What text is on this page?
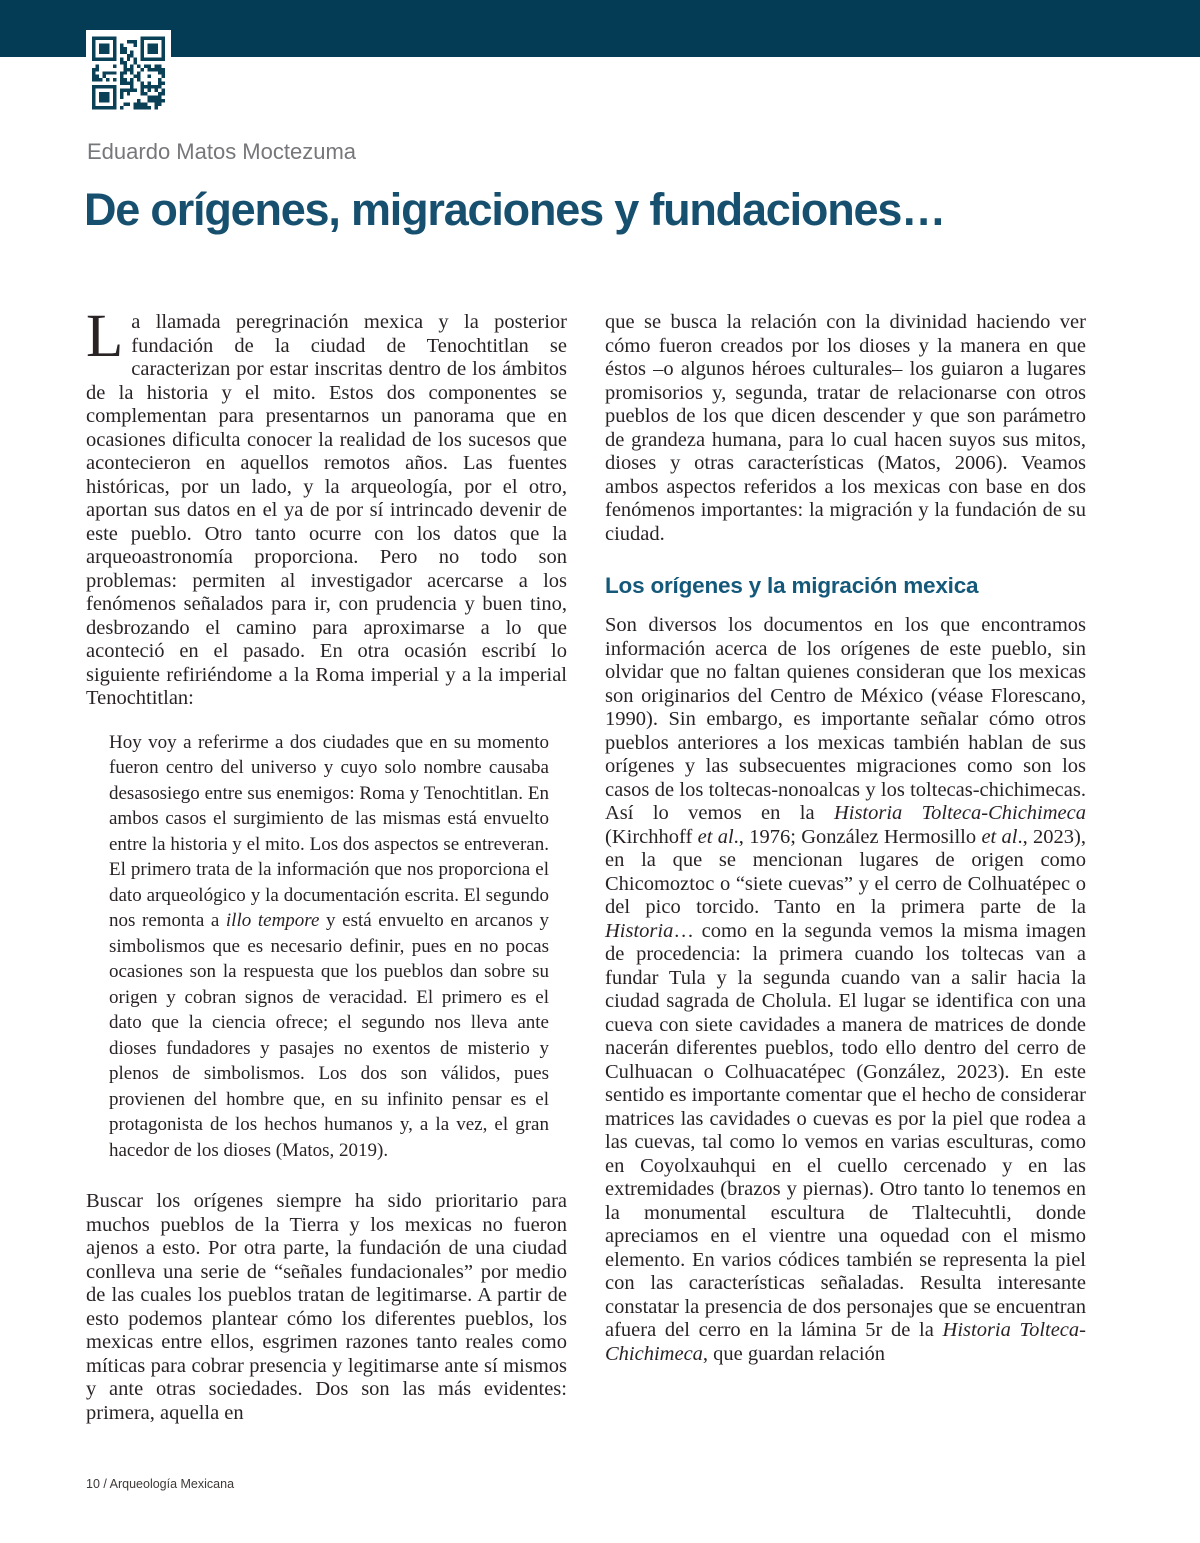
Eduardo Matos Moctezuma
De orígenes, migraciones y fundaciones…

La llamada peregrinación mexica y la posterior fundación de la ciudad de Tenochtitlan se caracterizan por estar inscritas dentro de los ámbitos de la historia y el mito. Estos dos componentes se complementan para presentarnos un panorama que en ocasiones dificulta conocer la realidad de los sucesos que acontecieron en aquellos remotos años. Las fuentes históricas, por un lado, y la arqueología, por el otro, aportan sus datos en el ya de por sí intrincado devenir de este pueblo. Otro tanto ocurre con los datos que la arqueoastronomía proporciona. Pero no todo son problemas: permiten al investigador acercarse a los fenómenos señalados para ir, con prudencia y buen tino, desbrozando el camino para aproximarse a lo que aconteció en el pasado. En otra ocasión escribí lo siguiente refiriéndome a la Roma imperial y a la imperial Tenochtitlan:

Hoy voy a referirme a dos ciudades que en su momento fueron centro del universo y cuyo solo nombre causaba desasosiego entre sus enemigos: Roma y Tenochtitlan. En ambos casos el surgimiento de las mismas está envuelto entre la historia y el mito. Los dos aspectos se entreveran. El primero trata de la información que nos proporciona el dato arqueológico y la documentación escrita. El segundo nos remonta a illo tempore y está envuelto en arcanos y simbolismos que es necesario definir, pues en no pocas ocasiones son la respuesta que los pueblos dan sobre su origen y cobran signos de veracidad. El primero es el dato que la ciencia ofrece; el segundo nos lleva ante dioses fundadores y pasajes no exentos de misterio y plenos de simbolismos. Los dos son válidos, pues provienen del hombre que, en su infinito pensar es el protagonista de los hechos humanos y, a la vez, el gran hacedor de los dioses (Matos, 2019).

Buscar los orígenes siempre ha sido prioritario para muchos pueblos de la Tierra y los mexicas no fueron ajenos a esto. Por otra parte, la fundación de una ciudad conlleva una serie de “señales fundacionales” por medio de las cuales los pueblos tratan de legitimarse. A partir de esto podemos plantear cómo los diferentes pueblos, los mexicas entre ellos, esgrimen razones tanto reales como míticas para cobrar presencia y legitimarse ante sí mismos y ante otras sociedades. Dos son las más evidentes: primera, aquella en

que se busca la relación con la divinidad haciendo ver cómo fueron creados por los dioses y la manera en que éstos –o algunos héroes culturales– los guiaron a lugares promisorios y, segunda, tratar de relacionarse con otros pueblos de los que dicen descender y que son parámetro de grandeza humana, para lo cual hacen suyos sus mitos, dioses y otras características (Matos, 2006). Veamos ambos aspectos referidos a los mexicas con base en dos fenómenos importantes: la migración y la fundación de su ciudad.

Los orígenes y la migración mexica

Son diversos los documentos en los que encontramos información acerca de los orígenes de este pueblo, sin olvidar que no faltan quienes consideran que los mexicas son originarios del Centro de México (véase Florescano, 1990). Sin embargo, es importante señalar cómo otros pueblos anteriores a los mexicas también hablan de sus orígenes y las subsecuentes migraciones como son los casos de los toltecas-nonoalcas y los toltecas-chichimecas. Así lo vemos en la Historia Tolteca-Chichimeca (Kirchhoff et al., 1976; González Hermosillo et al., 2023), en la que se mencionan lugares de origen como Chicomoztoc o “siete cuevas” y el cerro de Colhuatépec o del pico torcido. Tanto en la primera parte de la Historia… como en la segunda vemos la misma imagen de procedencia: la primera cuando los toltecas van a fundar Tula y la segunda cuando van a salir hacia la ciudad sagrada de Cholula. El lugar se identifica con una cueva con siete cavidades a manera de matrices de donde nacerán diferentes pueblos, todo ello dentro del cerro de Culhuacan o Colhuacatépec (González, 2023). En este sentido es importante comentar que el hecho de considerar matrices las cavidades o cuevas es por la piel que rodea a las cuevas, tal como lo vemos en varias esculturas, como en Coyolxauhqui en el cuello cercenado y en las extremidades (brazos y piernas). Otro tanto lo tenemos en la monumental escultura de Tlaltecuhtli, donde apreciamos en el vientre una oquedad con el mismo elemento. En varios códices también se representa la piel con las características señaladas. Resulta interesante constatar la presencia de dos personajes que se encuentran afuera del cerro en la lámina 5r de la Historia Tolteca-Chichimeca, que guardan relación

10 / Arqueología Mexicana
